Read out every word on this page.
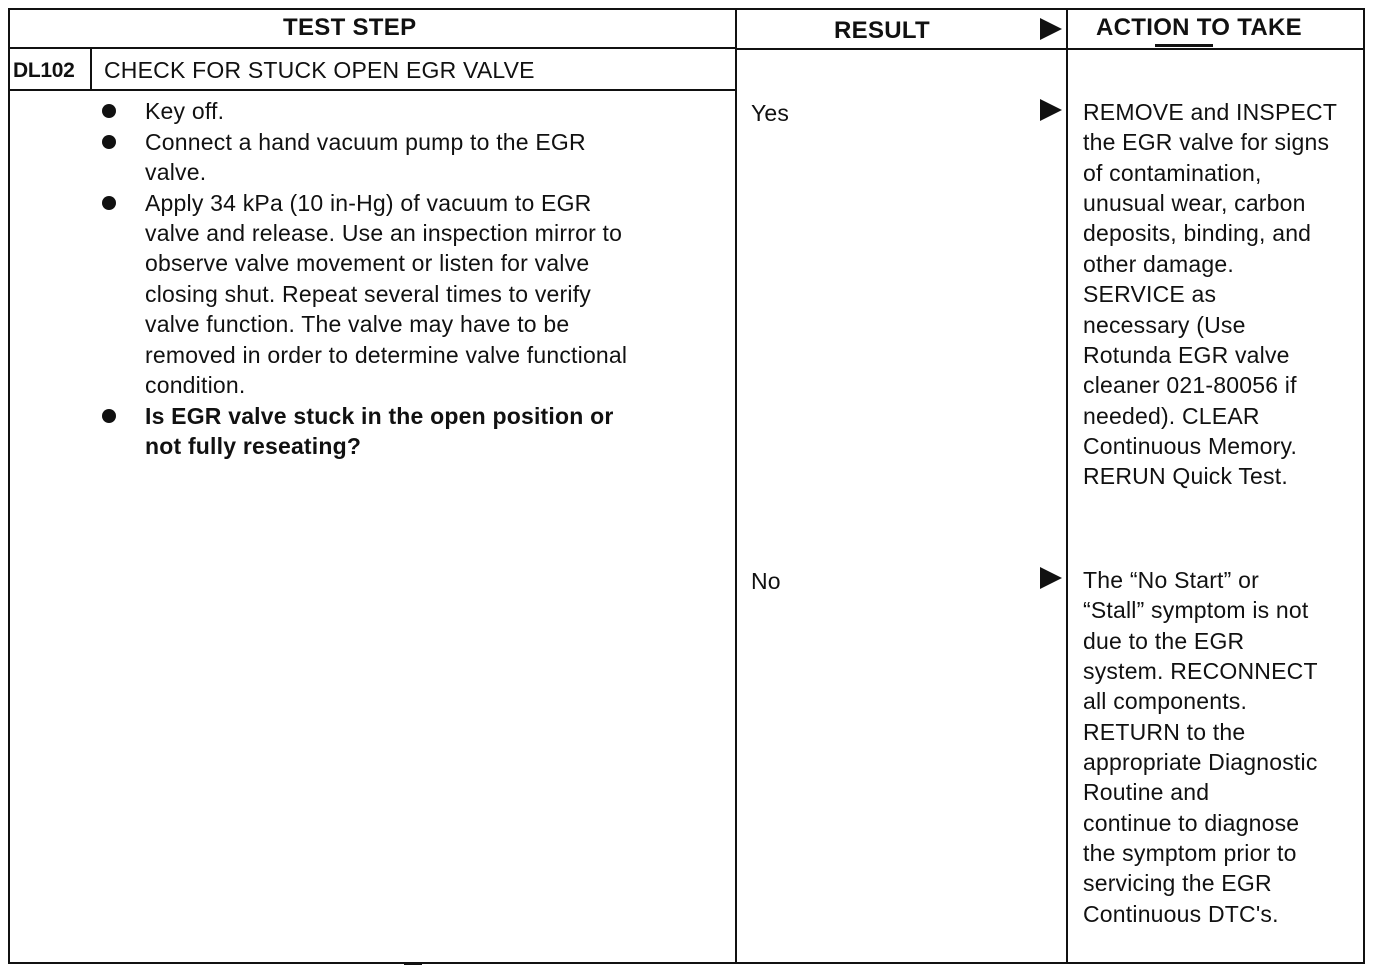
TEST STEP	RESULT	ACTION TO TAKE
DL102 CHECK FOR STUCK OPEN EGR VALVE
Key off.
Connect a hand vacuum pump to the EGR
valve.
Apply 34 kPa (10 in-Hg) of vacuum to EGR
valve and release. Use an inspection mirror to
observe valve movement or listen for valve
closing shut. Repeat several times to verify
valve function. The valve may have to be
removed in order to determine valve functional
condition.
Is EGR valve stuck in the open position or
not fully reseating?
Yes	REMOVE and INSPECT
the EGR valve for signs
of contamination,
unusual wear, carbon
deposits, binding, and
other damage.
SERVICE as
necessary (Use
Rotunda EGR valve
cleaner 021-80056 if
needed). CLEAR
Continuous Memory.
RERUN Quick Test.
No	The “No Start” or
“Stall” symptom is not
due to the EGR
system. RECONNECT
all components.
RETURN to the
appropriate Diagnostic
Routine and
continue to diagnose
the symptom prior to
servicing the EGR
Continuous DTC's.
